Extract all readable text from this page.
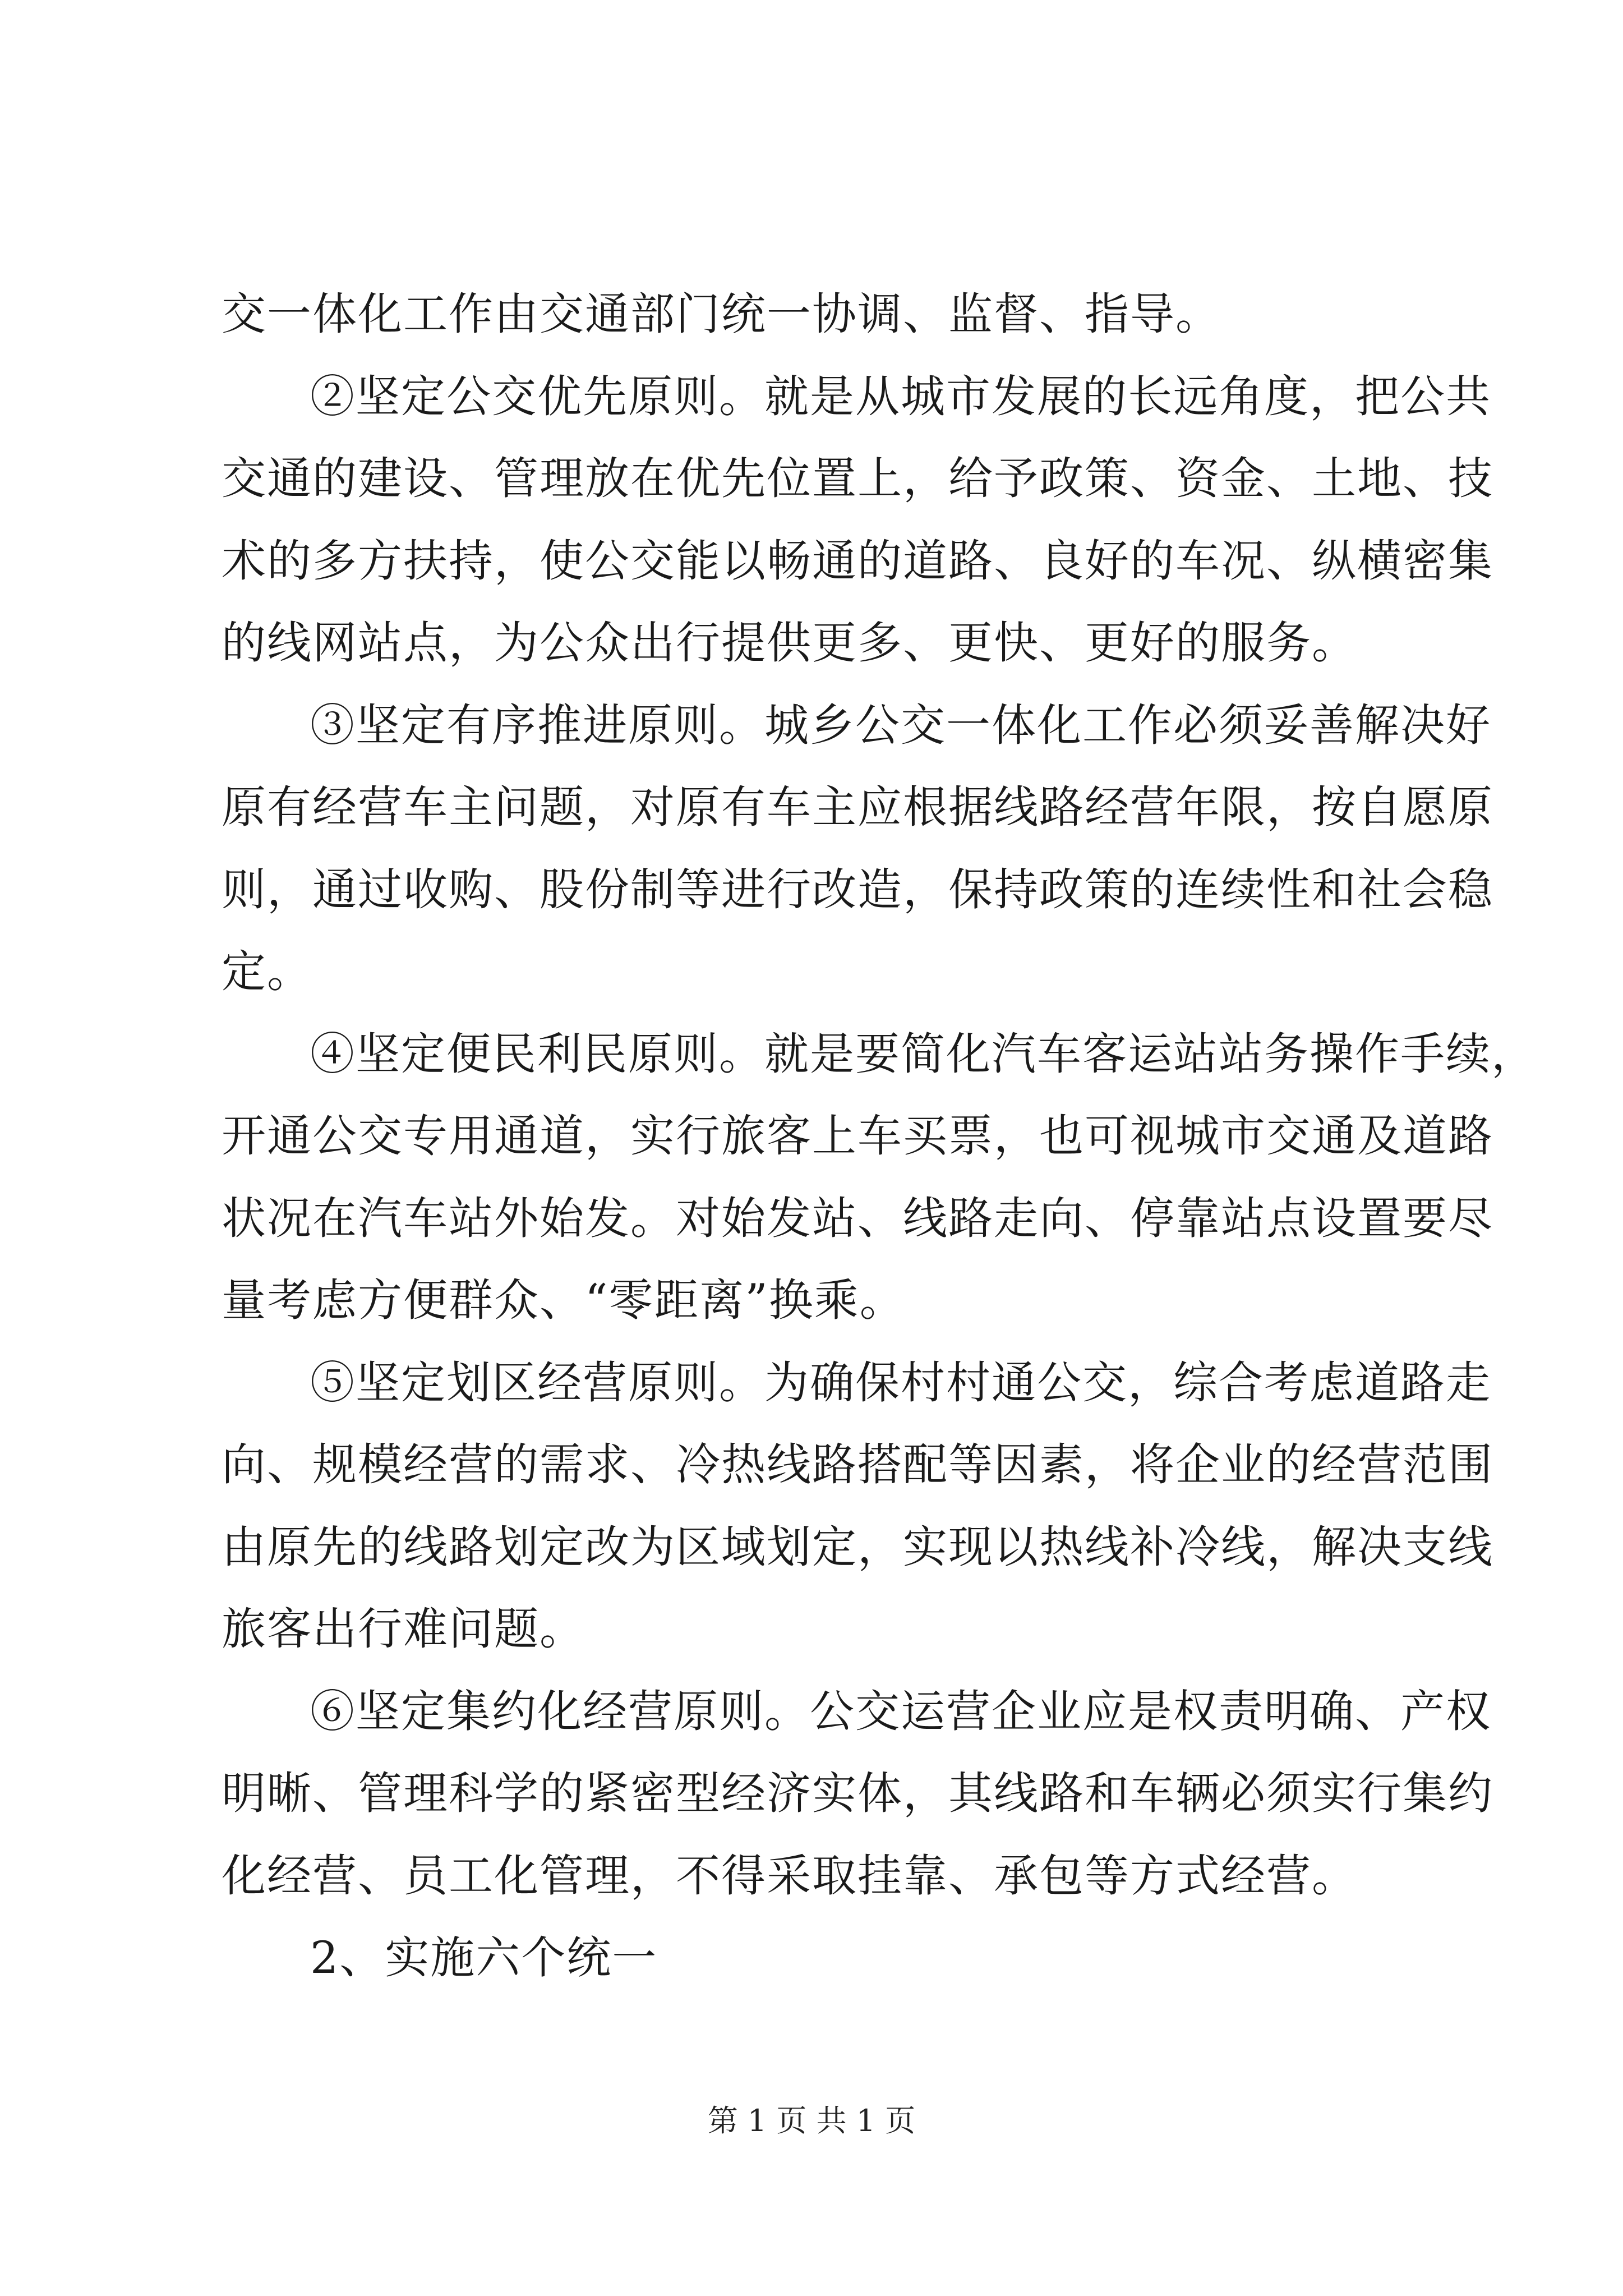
交一体化工作由交通部门统一协调、监督、指导。
②坚定公交优先原则。就是从城市发展的长远角度，把公共
交通的建设、管理放在优先位置上，给予政策、资金、土地、技
术的多方扶持，使公交能以畅通的道路、良好的车况、纵横密集
的线网站点，为公众出行提供更多、更快、更好的服务。
③坚定有序推进原则。城乡公交一体化工作必须妥善解决好
原有经营车主问题，对原有车主应根据线路经营年限，按自愿原
则，通过收购、股份制等进行改造，保持政策的连续性和社会稳
定。
④坚定便民利民原则。就是要简化汽车客运站站务操作手续，
开通公交专用通道，实行旅客上车买票，也可视城市交通及道路
状况在汽车站外始发。对始发站、线路走向、停靠站点设置要尽
量考虑方便群众、“零距离”换乘。
⑤坚定划区经营原则。为确保村村通公交，综合考虑道路走
向、规模经营的需求、冷热线路搭配等因素，将企业的经营范围
由原先的线路划定改为区域划定，实现以热线补冷线，解决支线
旅客出行难问题。
⑥坚定集约化经营原则。公交运营企业应是权责明确、产权
明晰、管理科学的紧密型经济实体，其线路和车辆必须实行集约
化经营、员工化管理，不得采取挂靠、承包等方式经营。
2、实施六个统一
第 1 页 共 1 页
